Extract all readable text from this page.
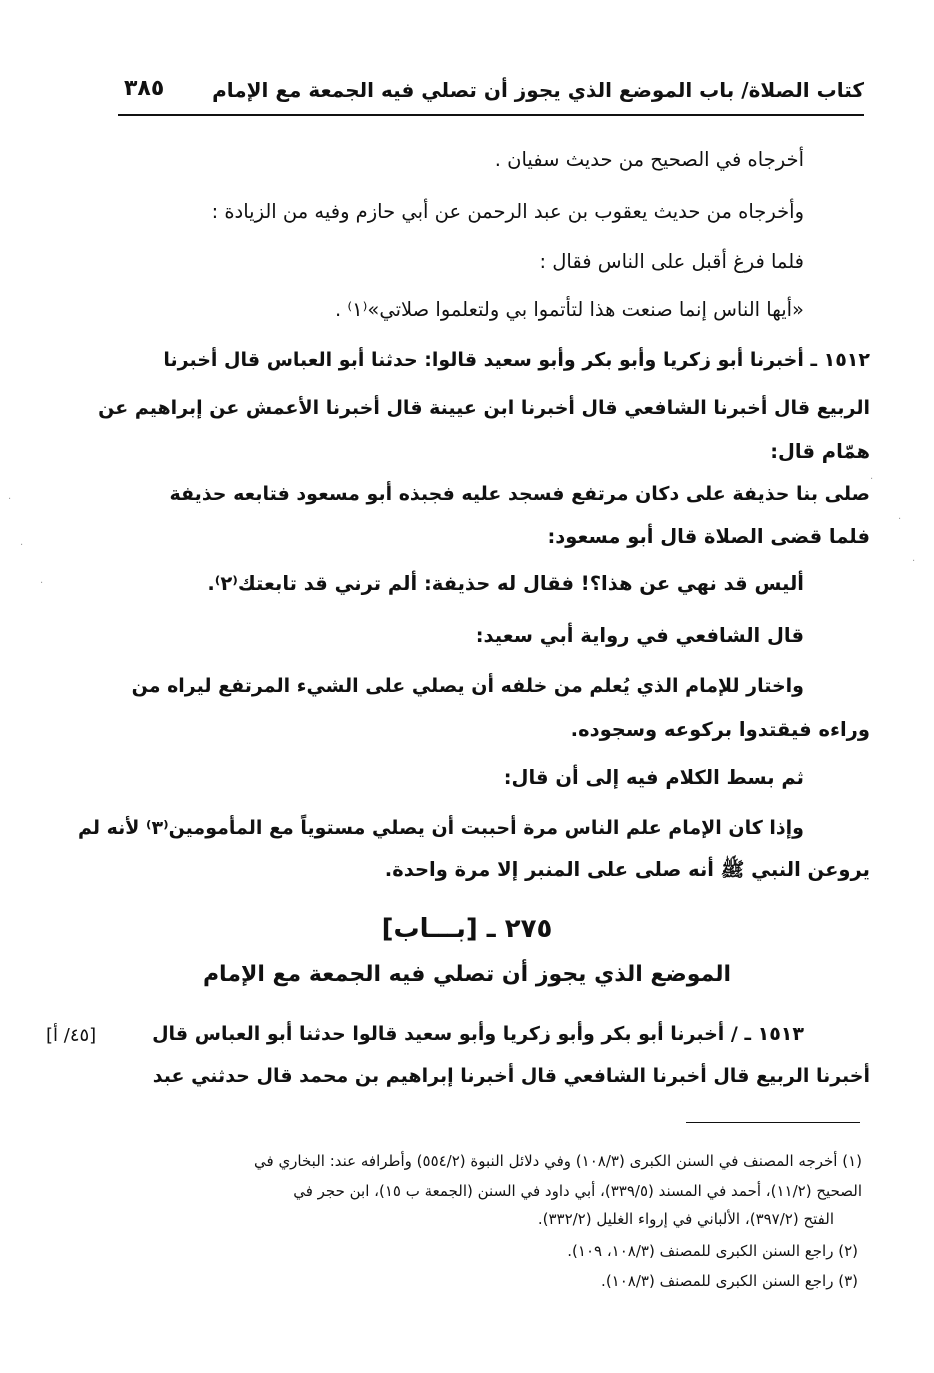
كتاب الصلاة/ باب الموضع الذي يجوز أن تصلي فيه الجمعة مع الإمام
٣٨٥
أخرجاه في الصحيح من حديث سفيان .
وأخرجاه من حديث يعقوب بن عبد الرحمن عن أبي حازم وفيه من الزيادة :
فلما فرغ أقبل على الناس فقال :
«أيها الناس إنما صنعت هذا لتأتموا بي ولتعلموا صلاتي»⁽١⁾ .
١٥١٢ ـ أخبرنا أبو زكريا وأبو بكر وأبو سعيد قالوا: حدثنا أبو العباس قال أخبرنا
الربيع قال أخبرنا الشافعي قال أخبرنا ابن عيينة قال أخبرنا الأعمش عن إبراهيم عن
همّام قال:
صلى بنا حذيفة على دكان مرتفع فسجد عليه فجبذه أبو مسعود فتابعه حذيفة
فلما قضى الصلاة قال أبو مسعود:
أليس قد نهي عن هذا؟! فقال له حذيفة: ألم ترني قد تابعتك⁽٢⁾.
قال الشافعي في رواية أبي سعيد:
واختار للإمام الذي يُعلم من خلفه أن يصلي على الشيء المرتفع ليراه من
وراءه فيقتدوا بركوعه وسجوده.
ثم بسط الكلام فيه إلى أن قال:
وإذا كان الإمام علم الناس مرة أحببت أن يصلي مستوياً مع المأمومين⁽٣⁾ لأنه لم
يروعن النبي ﷺ أنه صلى على المنبر إلا مرة واحدة.
٢٧٥ ـ [بـــاب]
الموضع الذي يجوز أن تصلي فيه الجمعة مع الإمام
١٥١٣ ـ / أخبرنا أبو بكر وأبو زكريا وأبو سعيد قالوا حدثنا أبو العباس قال
أخبرنا الربيع قال أخبرنا الشافعي قال أخبرنا إبراهيم بن محمد قال حدثني عبد
[٤٥/ أ]
(١) أخرجه المصنف في السنن الكبرى (١٠٨/٣) وفي دلائل النبوة (٥٥٤/٢) وأطرافه عند: البخاري في
الصحيح (١١/٢)، أحمد في المسند (٣٣٩/٥)، أبي داود في السنن (الجمعة ب ١٥)، ابن حجر في
الفتح (٣٩٧/٢)، الألباني في إرواء الغليل (٣٣٢/٢).
(٢) راجع السنن الكبرى للمصنف (١٠٨/٣، ١٠٩).
(٣) راجع السنن الكبرى للمصنف (١٠٨/٣).
·
·
·
·
·
·
